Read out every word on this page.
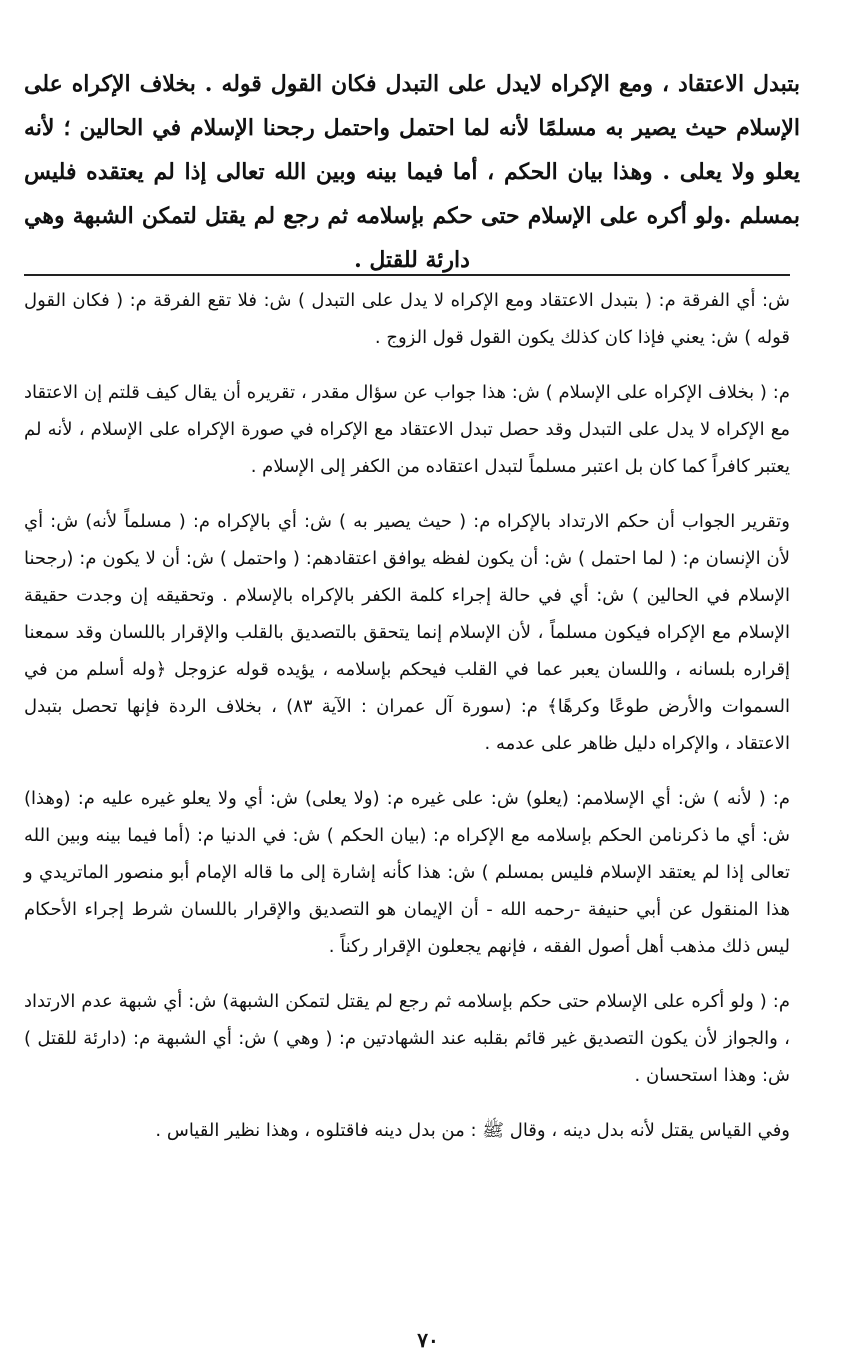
بتبدل الاعتقاد ، ومع الإكراه لايدل على التبدل فكان القول قوله . بخلاف الإكراه على الإسلام حيث يصير به مسلمًا لأنه لما احتمل واحتمل رجحنا الإسلام في الحالين ؛ لأنه يعلو ولا يعلى . وهذا بيان الحكم ، أما فيما بينه وبين الله تعالى إذا لم يعتقده فليس بمسلم .ولو أكره على الإسلام حتى حكم بإسلامه ثم رجع لم يقتل لتمكن الشبهة وهي دارئة للقتل .

ش: أي الفرقة م: ( بتبدل الاعتقاد ومع الإكراه لا يدل على التبدل ) ش: فلا تقع الفرقة م: ( فكان القول قوله ) ش: يعني فإذا كان كذلك يكون القول قول الزوج .

م: ( بخلاف الإكراه على الإسلام ) ش: هذا جواب عن سؤال مقدر ، تقريره أن يقال كيف قلتم إن الاعتقاد مع الإكراه لا يدل على التبدل وقد حصل تبدل الاعتقاد مع الإكراه في صورة الإكراه على الإسلام ، لأنه لم يعتبر كافراً كما كان بل اعتبر مسلماً لتبدل اعتقاده من الكفر إلى الإسلام .

وتقرير الجواب أن حكم الارتداد بالإكراه م: ( حيث يصير به ) ش: أي بالإكراه م: ( مسلماً لأنه) ش: أي لأن الإنسان م: ( لما احتمل ) ش: أن يكون لفظه يوافق اعتقادهم: ( واحتمل ) ش: أن لا يكون م: (رجحنا الإسلام في الحالين ) ش: أي في حالة إجراء كلمة الكفر بالإكراه بالإسلام . وتحقيقه إن وجدت حقيقة الإسلام مع الإكراه فيكون مسلماً ، لأن الإسلام إنما يتحقق بالتصديق بالقلب والإقرار باللسان وقد سمعنا إقراره بلسانه ، واللسان يعبر عما في القلب فيحكم بإسلامه ، يؤيده قوله عزوجل ﴿وله أسلم من في السموات والأرض طوعًا وكرهًا﴾ م: (سورة آل عمران : الآية ٨٣) ، بخلاف الردة فإنها تحصل بتبدل الاعتقاد ، والإكراه دليل ظاهر على عدمه .

م: ( لأنه ) ش: أي الإسلامم: (يعلو) ش: على غيره م: (ولا يعلى) ش: أي ولا يعلو غيره عليه م: (وهذا) ش: أي ما ذكرنامن الحكم بإسلامه مع الإكراه م: (بيان الحكم ) ش: في الدنيا م: (أما فيما بينه وبين الله تعالى إذا لم يعتقد الإسلام فليس بمسلم ) ش: هذا كأنه إشارة إلى ما قاله الإمام أبو منصور الماتريدي و هذا المنقول عن أبي حنيفة -رحمه الله - أن الإيمان هو التصديق والإقرار باللسان شرط إجراء الأحكام ليس ذلك مذهب أهل أصول الفقه ، فإنهم يجعلون الإقرار ركناً .

م: ( ولو أكره على الإسلام حتى حكم بإسلامه ثم رجع لم يقتل لتمكن الشبهة) ش: أي شبهة عدم الارتداد ، والجواز لأن يكون التصديق غير قائم بقلبه عند الشهادتين م: ( وهي ) ش: أي الشبهة م: (دارئة للقتل ) ش: وهذا استحسان .

وفي القياس يقتل لأنه بدل دينه ، وقال ﷺ : من بدل دينه فاقتلوه ، وهذا نظير القياس .

٧٠
